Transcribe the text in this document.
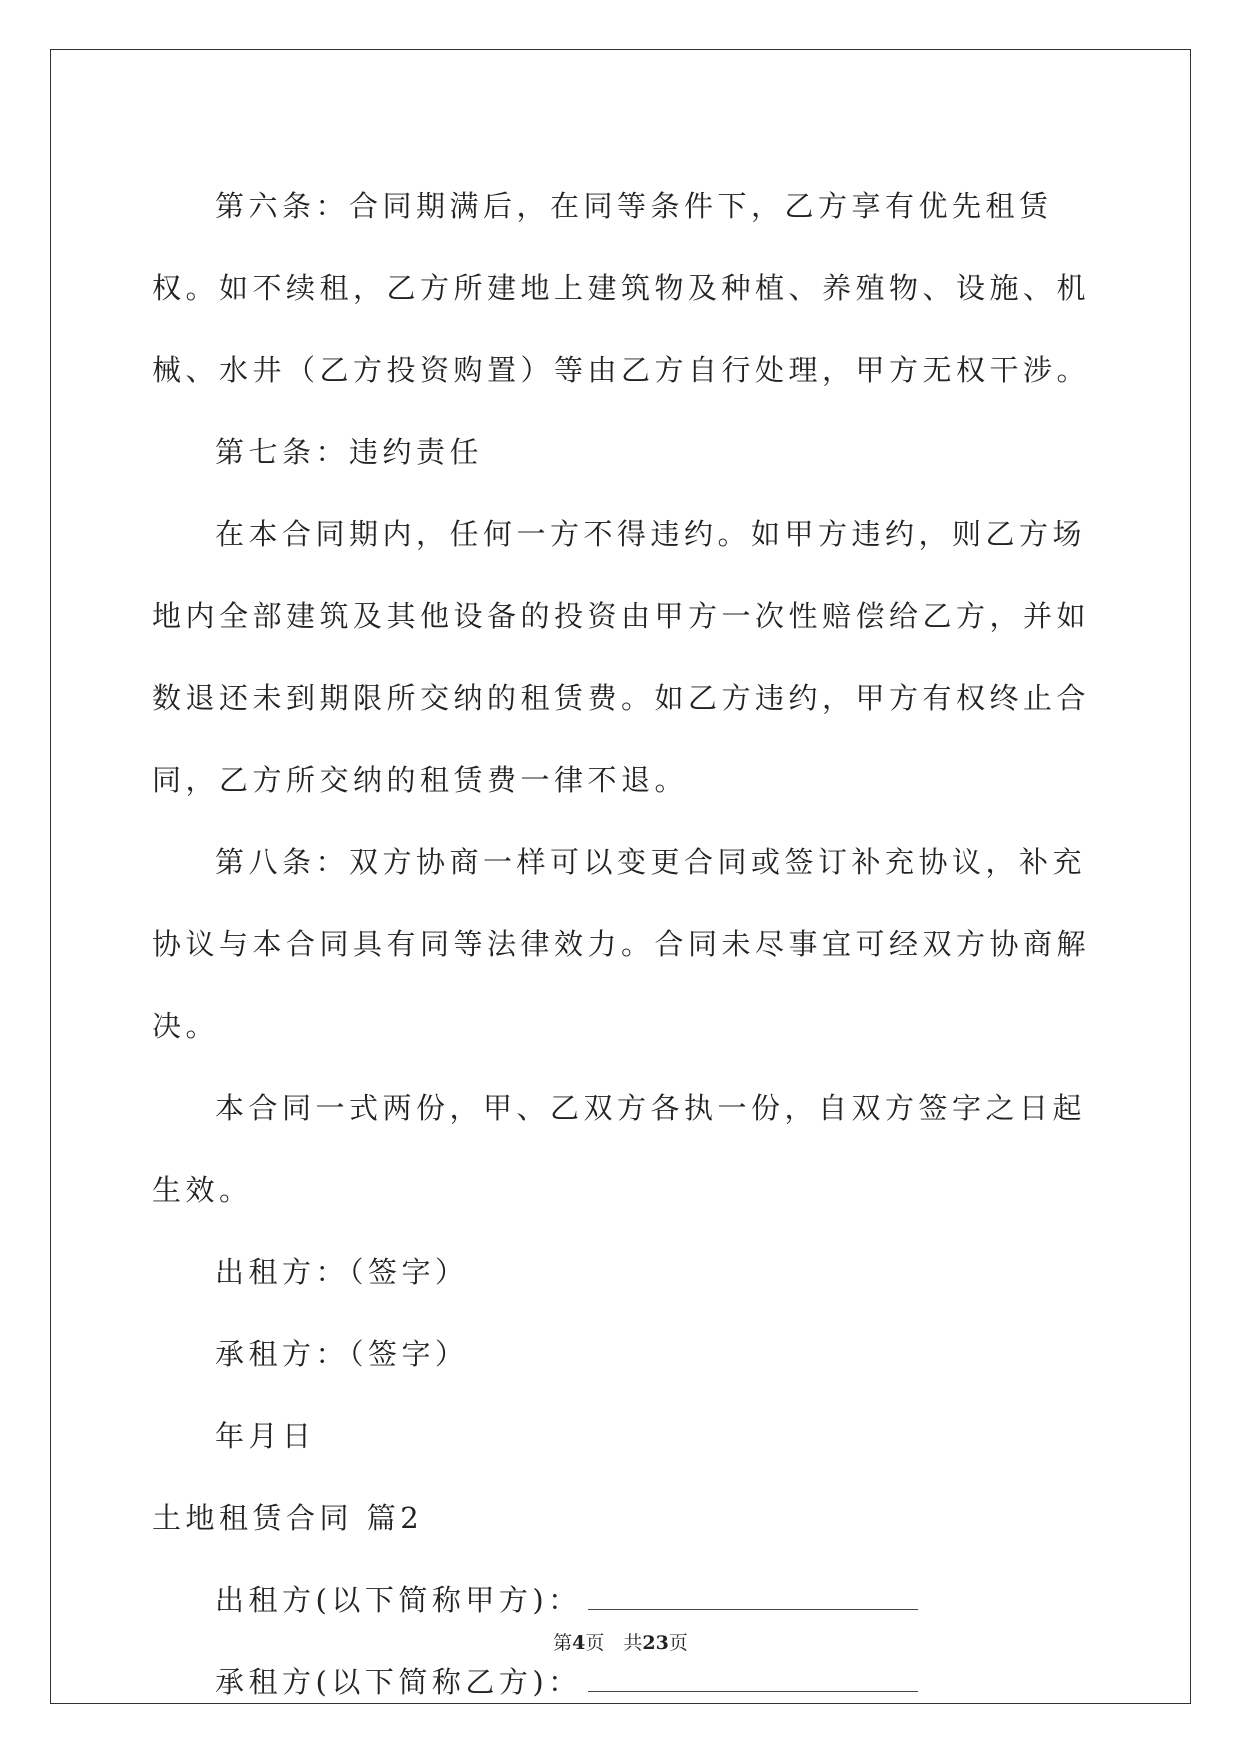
第六条：合同期满后，在同等条件下，乙方享有优先租赁权。如不续租，乙方所建地上建筑物及种植、养殖物、设施、机械、水井（乙方投资购置）等由乙方自行处理，甲方无权干涉。

第七条：违约责任

在本合同期内，任何一方不得违约。如甲方违约，则乙方场地内全部建筑及其他设备的投资由甲方一次性赔偿给乙方，并如数退还未到期限所交纳的租赁费。如乙方违约，甲方有权终止合同，乙方所交纳的租赁费一律不退。

第八条：双方协商一样可以变更合同或签订补充协议，补充协议与本合同具有同等法律效力。合同未尽事宜可经双方协商解决。

本合同一式两份，甲、乙双方各执一份，自双方签字之日起生效。

出租方：（签字）

承租方：（签字）

年月日

土地租赁合同 篇2

出租方(以下简称甲方)：

承租方(以下简称乙方)：

第4页　共23页
